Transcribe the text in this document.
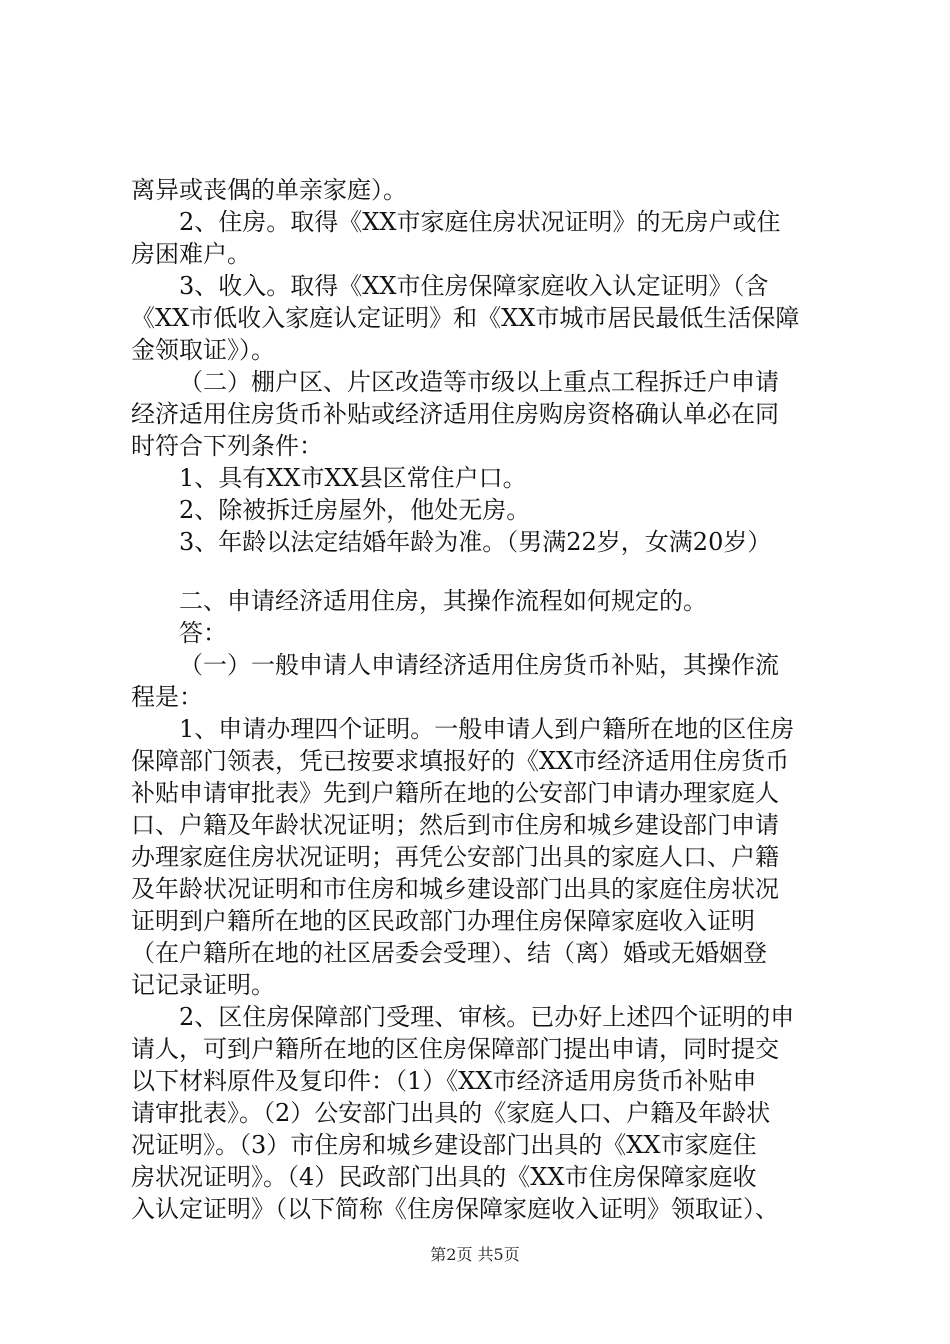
离异或丧偶的单亲家庭）。
2、住房。取得《XX市家庭住房状况证明》的无房户或住
房困难户。
3、收入。取得《XX市住房保障家庭收入认定证明》（含
《XX市低收入家庭认定证明》和《XX市城市居民最低生活保障
金领取证》）。
（二）棚户区、片区改造等市级以上重点工程拆迁户申请
经济适用住房货币补贴或经济适用住房购房资格确认单必在同
时符合下列条件：
1、具有XX市XX县区常住户口。
2、除被拆迁房屋外，他处无房。
3、年龄以法定结婚年龄为准。（男满22岁，女满20岁）
二、申请经济适用住房，其操作流程如何规定的。
答：
（一）一般申请人申请经济适用住房货币补贴，其操作流
程是：
1、申请办理四个证明。一般申请人到户籍所在地的区住房
保障部门领表，凭已按要求填报好的《XX市经济适用住房货币
补贴申请审批表》先到户籍所在地的公安部门申请办理家庭人
口、户籍及年龄状况证明；然后到市住房和城乡建设部门申请
办理家庭住房状况证明；再凭公安部门出具的家庭人口、户籍
及年龄状况证明和市住房和城乡建设部门出具的家庭住房状况
证明到户籍所在地的区民政部门办理住房保障家庭收入证明
（在户籍所在地的社区居委会受理）、结（离）婚或无婚姻登
记记录证明。
2、区住房保障部门受理、审核。已办好上述四个证明的申
请人，可到户籍所在地的区住房保障部门提出申请，同时提交
以下材料原件及复印件：（1）《XX市经济适用房货币补贴申
请审批表》。（2）公安部门出具的《家庭人口、户籍及年龄状
况证明》。（3）市住房和城乡建设部门出具的《XX市家庭住
房状况证明》。（4）民政部门出具的《XX市住房保障家庭收
入认定证明》（以下简称《住房保障家庭收入证明》领取证）、
第2页 共5页
